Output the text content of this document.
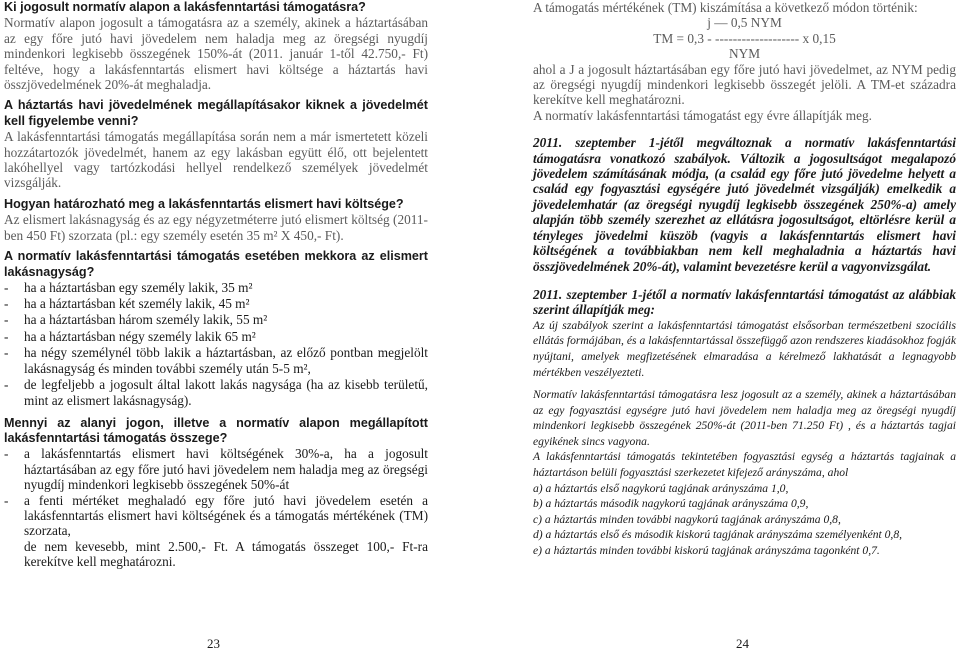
Ki jogosult normatív alapon a lakásfenntartási támogatásra?

Normatív alapon jogosult a támogatásra az a személy, akinek a háztartásában az egy főre jutó havi jövedelem nem haladja meg az öregségi nyugdíj mindenkori legkisebb összegének 150%-át (2011. január 1-től 42.750,- Ft) feltéve, hogy a lakásfenntartás elismert havi költsége a háztartás havi összjövedelmének 20%-át meghaladja.

A háztartás havi jövedelmének megállapításakor kiknek a jövedelmét kell figyelembe venni?

A lakásfenntartási támogatás megállapítása során nem a már ismertetett közeli hozzátartozók jövedelmét, hanem az egy lakásban együtt élő, ott bejelentett lakóhellyel vagy tartózkodási hellyel rendelkező személyek jövedelmét vizsgálják.

Hogyan határozható meg a lakásfenntartás elismert havi költsége?

Az elismert lakásnagyság és az egy négyzetméterre jutó elismert költség (2011-ben 450 Ft) szorzata (pl.: egy személy esetén 35 m² X 450,- Ft).

A normatív lakásfenntartási támogatás esetében mekkora az elismert lakásnagyság?

- ha a háztartásban egy személy lakik, 35 m²

- ha a háztartásban két személy lakik, 45 m²

- ha a háztartásban három személy lakik, 55 m²

- ha a háztartásban négy személy lakik 65 m²

- ha négy személynél több lakik a háztartásban, az előző pontban megjelölt lakásnagyság és minden további személy után 5-5 m²,

- de legfeljebb a jogosult által lakott lakás nagysága (ha az kisebb területű, mint az elismert lakásnagyság).

Mennyi az alanyi jogon, illetve a normatív alapon megállapított lakásfenntartási támogatás összege?

- a lakásfenntartás elismert havi költségének 30%-a, ha a jogosult háztartásában az egy főre jutó havi jövedelem nem haladja meg az öregségi nyugdíj mindenkori legkisebb összegének 50%-át

- a fenti mértéket meghaladó egy főre jutó havi jövedelem esetén a lakásfenntartás elismert havi költségének és a támogatás mértékének (TM) szorzata,

de nem kevesebb, mint 2.500,- Ft. A támogatás összeget 100,- Ft-ra kerekítve kell meghatározni.

A támogatás mértékének (TM) kiszámítása a következő módon történik:

j — 0,5 NYM

TM = 0,3 - ------------------- x 0,15

NYM

ahol a J a jogosult háztartásában egy főre jutó havi jövedelmet, az NYM pedig az öregségi nyugdíj mindenkori legkisebb összegét jelöli. A TM-et századra kerekítve kell meghatározni.

A normatív lakásfenntartási támogatást egy évre állapítják meg.

2011. szeptember 1-jétől megváltoznak a normatív lakásfenntartási támogatásra vonatkozó szabályok. Változik a jogosultságot megalapozó jövedelem számításának módja, (a család egy főre jutó jövedelme helyett a család egy fogyasztási egységére jutó jövedelmét vizsgálják) emelkedik a jövedelemhatár (az öregségi nyugdíj legkisebb összegének 250%-a) amely alapján több személy szerezhet az ellátásra jogosultságot, eltörlésre kerül a tényleges jövedelmi küszöb (vagyis a lakásfenntartás elismert havi költségének a továbbiakban nem kell meghaladnia a háztartás havi összjövedelmének 20%-át), valamint bevezetésre kerül a vagyonvizsgálat.

2011. szeptember 1-jétől a normatív lakásfenntartási támogatást az alábbiak szerint állapítják meg:

Az új szabályok szerint a lakásfenntartási támogatást elsősorban természetbeni szociális ellátás formájában, és a lakásfenntartással összefüggő azon rendszeres kiadásokhoz fogják nyújtani, amelyek megfizetésének elmaradása a kérelmező lakhatását a legnagyobb mértékben veszélyezteti.

Normatív lakásfenntartási támogatásra lesz jogosult az a személy, akinek a háztartásában az egy fogyasztási egységre jutó havi jövedelem nem haladja meg az öregségi nyugdíj mindenkori legkisebb összegének 250%-át (2011-ben 71.250 Ft) , és a háztartás tagjai egyikének sincs vagyona.

A lakásfenntartási támogatás tekintetében fogyasztási egység a háztartás tagjainak a háztartáson belüli fogyasztási szerkezetet kifejező arányszáma, ahol

a) a háztartás első nagykorú tagjának arányszáma 1,0,

b) a háztartás második nagykorú tagjának arányszáma 0,9,

c) a háztartás minden további nagykorú tagjának arányszáma 0,8,

d) a háztartás első és második kiskorú tagjának arányszáma személyenként 0,8,

e) a háztartás minden további kiskorú tagjának arányszáma tagonként 0,7.

23	24
